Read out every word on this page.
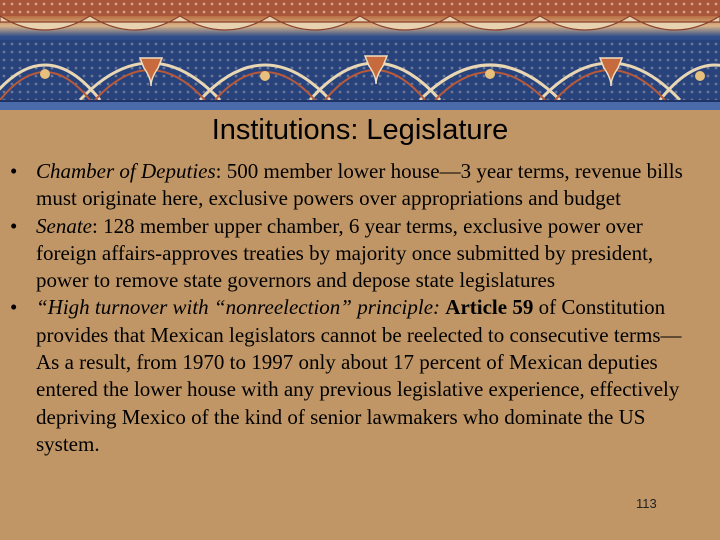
Institutions: Legislature
• Chamber of Deputies: 500 member lower house—3 year terms, revenue bills must originate here, exclusive powers over appropriations and budget
• Senate: 128 member upper chamber, 6 year terms, exclusive power over foreign affairs-approves treaties by majority once submitted by president, power to remove state governors and depose state legislatures
• “High turnover with “nonreelection” principle: Article 59 of Constitution provides that Mexican legislators cannot be reelected to consecutive terms—As a result, from 1970 to 1997 only about 17 percent of Mexican deputies entered the lower house with any previous legislative experience, effectively depriving Mexico of the kind of senior lawmakers who dominate the US system.
113
